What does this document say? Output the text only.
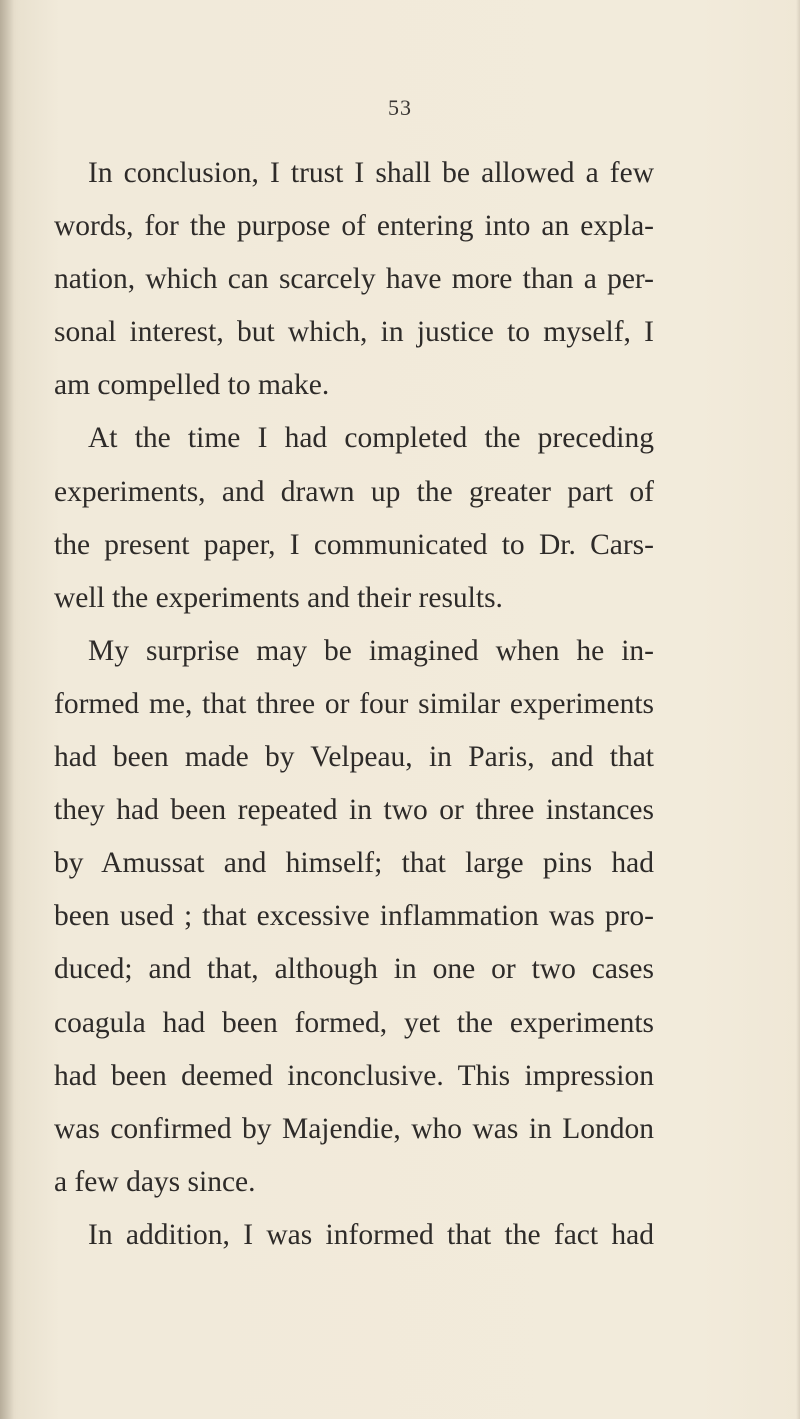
53
In conclusion, I trust I shall be allowed a few
words, for the purpose of entering into an expla-
nation, which can scarcely have more than a per-
sonal interest, but which, in justice to myself, I
am compelled to make.
At the time I had completed the preceding
experiments, and drawn up the greater part of
the present paper, I communicated to Dr. Cars-
well the experiments and their results.
My surprise may be imagined when he in-
formed me, that three or four similar experiments
had been made by Velpeau, in Paris, and that
they had been repeated in two or three instances
by Amussat and himself; that large pins had
been used ; that excessive inflammation was pro-
duced; and that, although in one or two cases
coagula had been formed, yet the experiments
had been deemed inconclusive. This impression
was confirmed by Majendie, who was in London
a few days since.
In addition, I was informed that the fact had
